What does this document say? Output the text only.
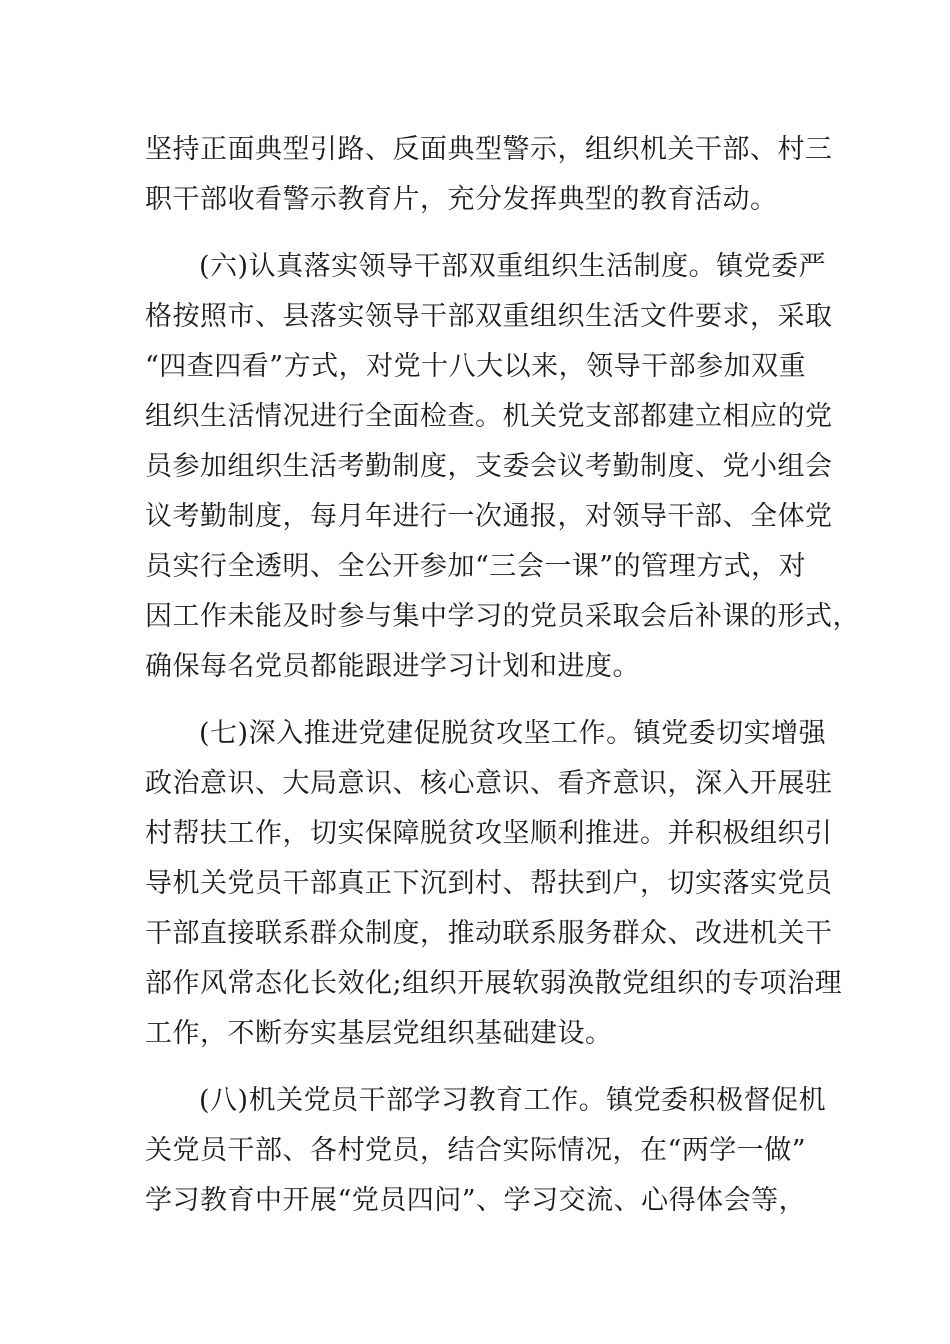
坚持正面典型引路、反面典型警示，组织机关干部、村三
职干部收看警示教育片，充分发挥典型的教育活动。
(六)认真落实领导干部双重组织生活制度。镇党委严
格按照市、县落实领导干部双重组织生活文件要求，采取
“四查四看”方式，对党十八大以来，领导干部参加双重
组织生活情况进行全面检查。机关党支部都建立相应的党
员参加组织生活考勤制度，支委会议考勤制度、党小组会
议考勤制度，每月年进行一次通报，对领导干部、全体党
员实行全透明、全公开参加“三会一课”的管理方式，对
因工作未能及时参与集中学习的党员采取会后补课的形式，
确保每名党员都能跟进学习计划和进度。
(七)深入推进党建促脱贫攻坚工作。镇党委切实增强
政治意识、大局意识、核心意识、看齐意识，深入开展驻
村帮扶工作，切实保障脱贫攻坚顺利推进。并积极组织引
导机关党员干部真正下沉到村、帮扶到户，切实落实党员
干部直接联系群众制度，推动联系服务群众、改进机关干
部作风常态化长效化;组织开展软弱涣散党组织的专项治理
工作，不断夯实基层党组织基础建设。
(八)机关党员干部学习教育工作。镇党委积极督促机
关党员干部、各村党员，结合实际情况，在“两学一做”
学习教育中开展“党员四问”、学习交流、心得体会等，
